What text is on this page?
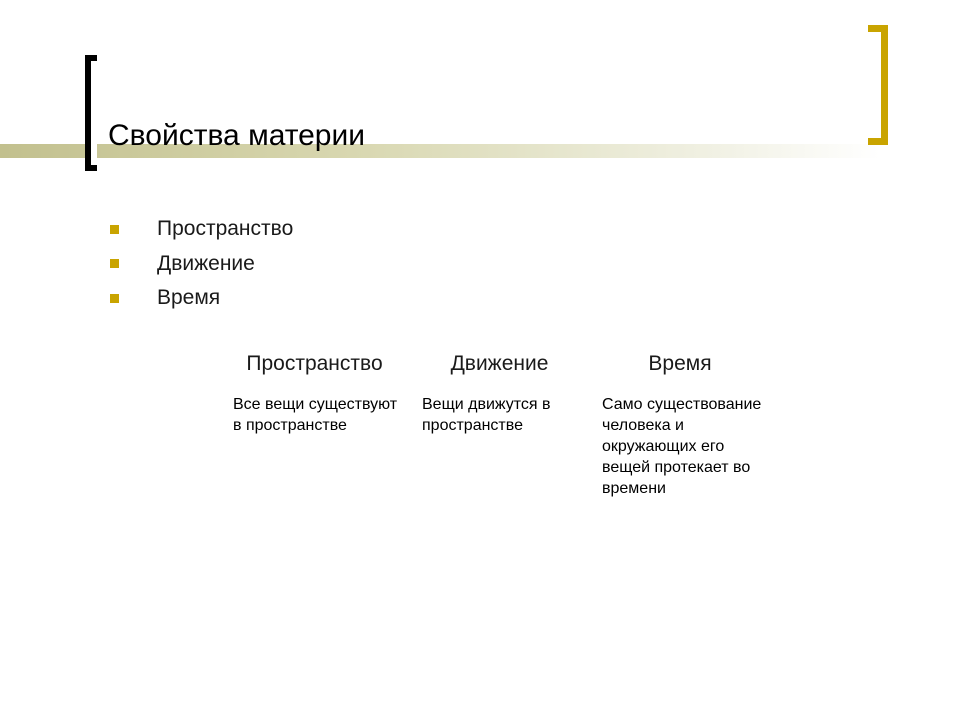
Свойства материи
Пространство
Движение
Время
Пространство	Движение	Время
Все вещи существуют в пространстве	Вещи движутся в пространстве	Само существование человека и окружающих его вещей протекает во времени
